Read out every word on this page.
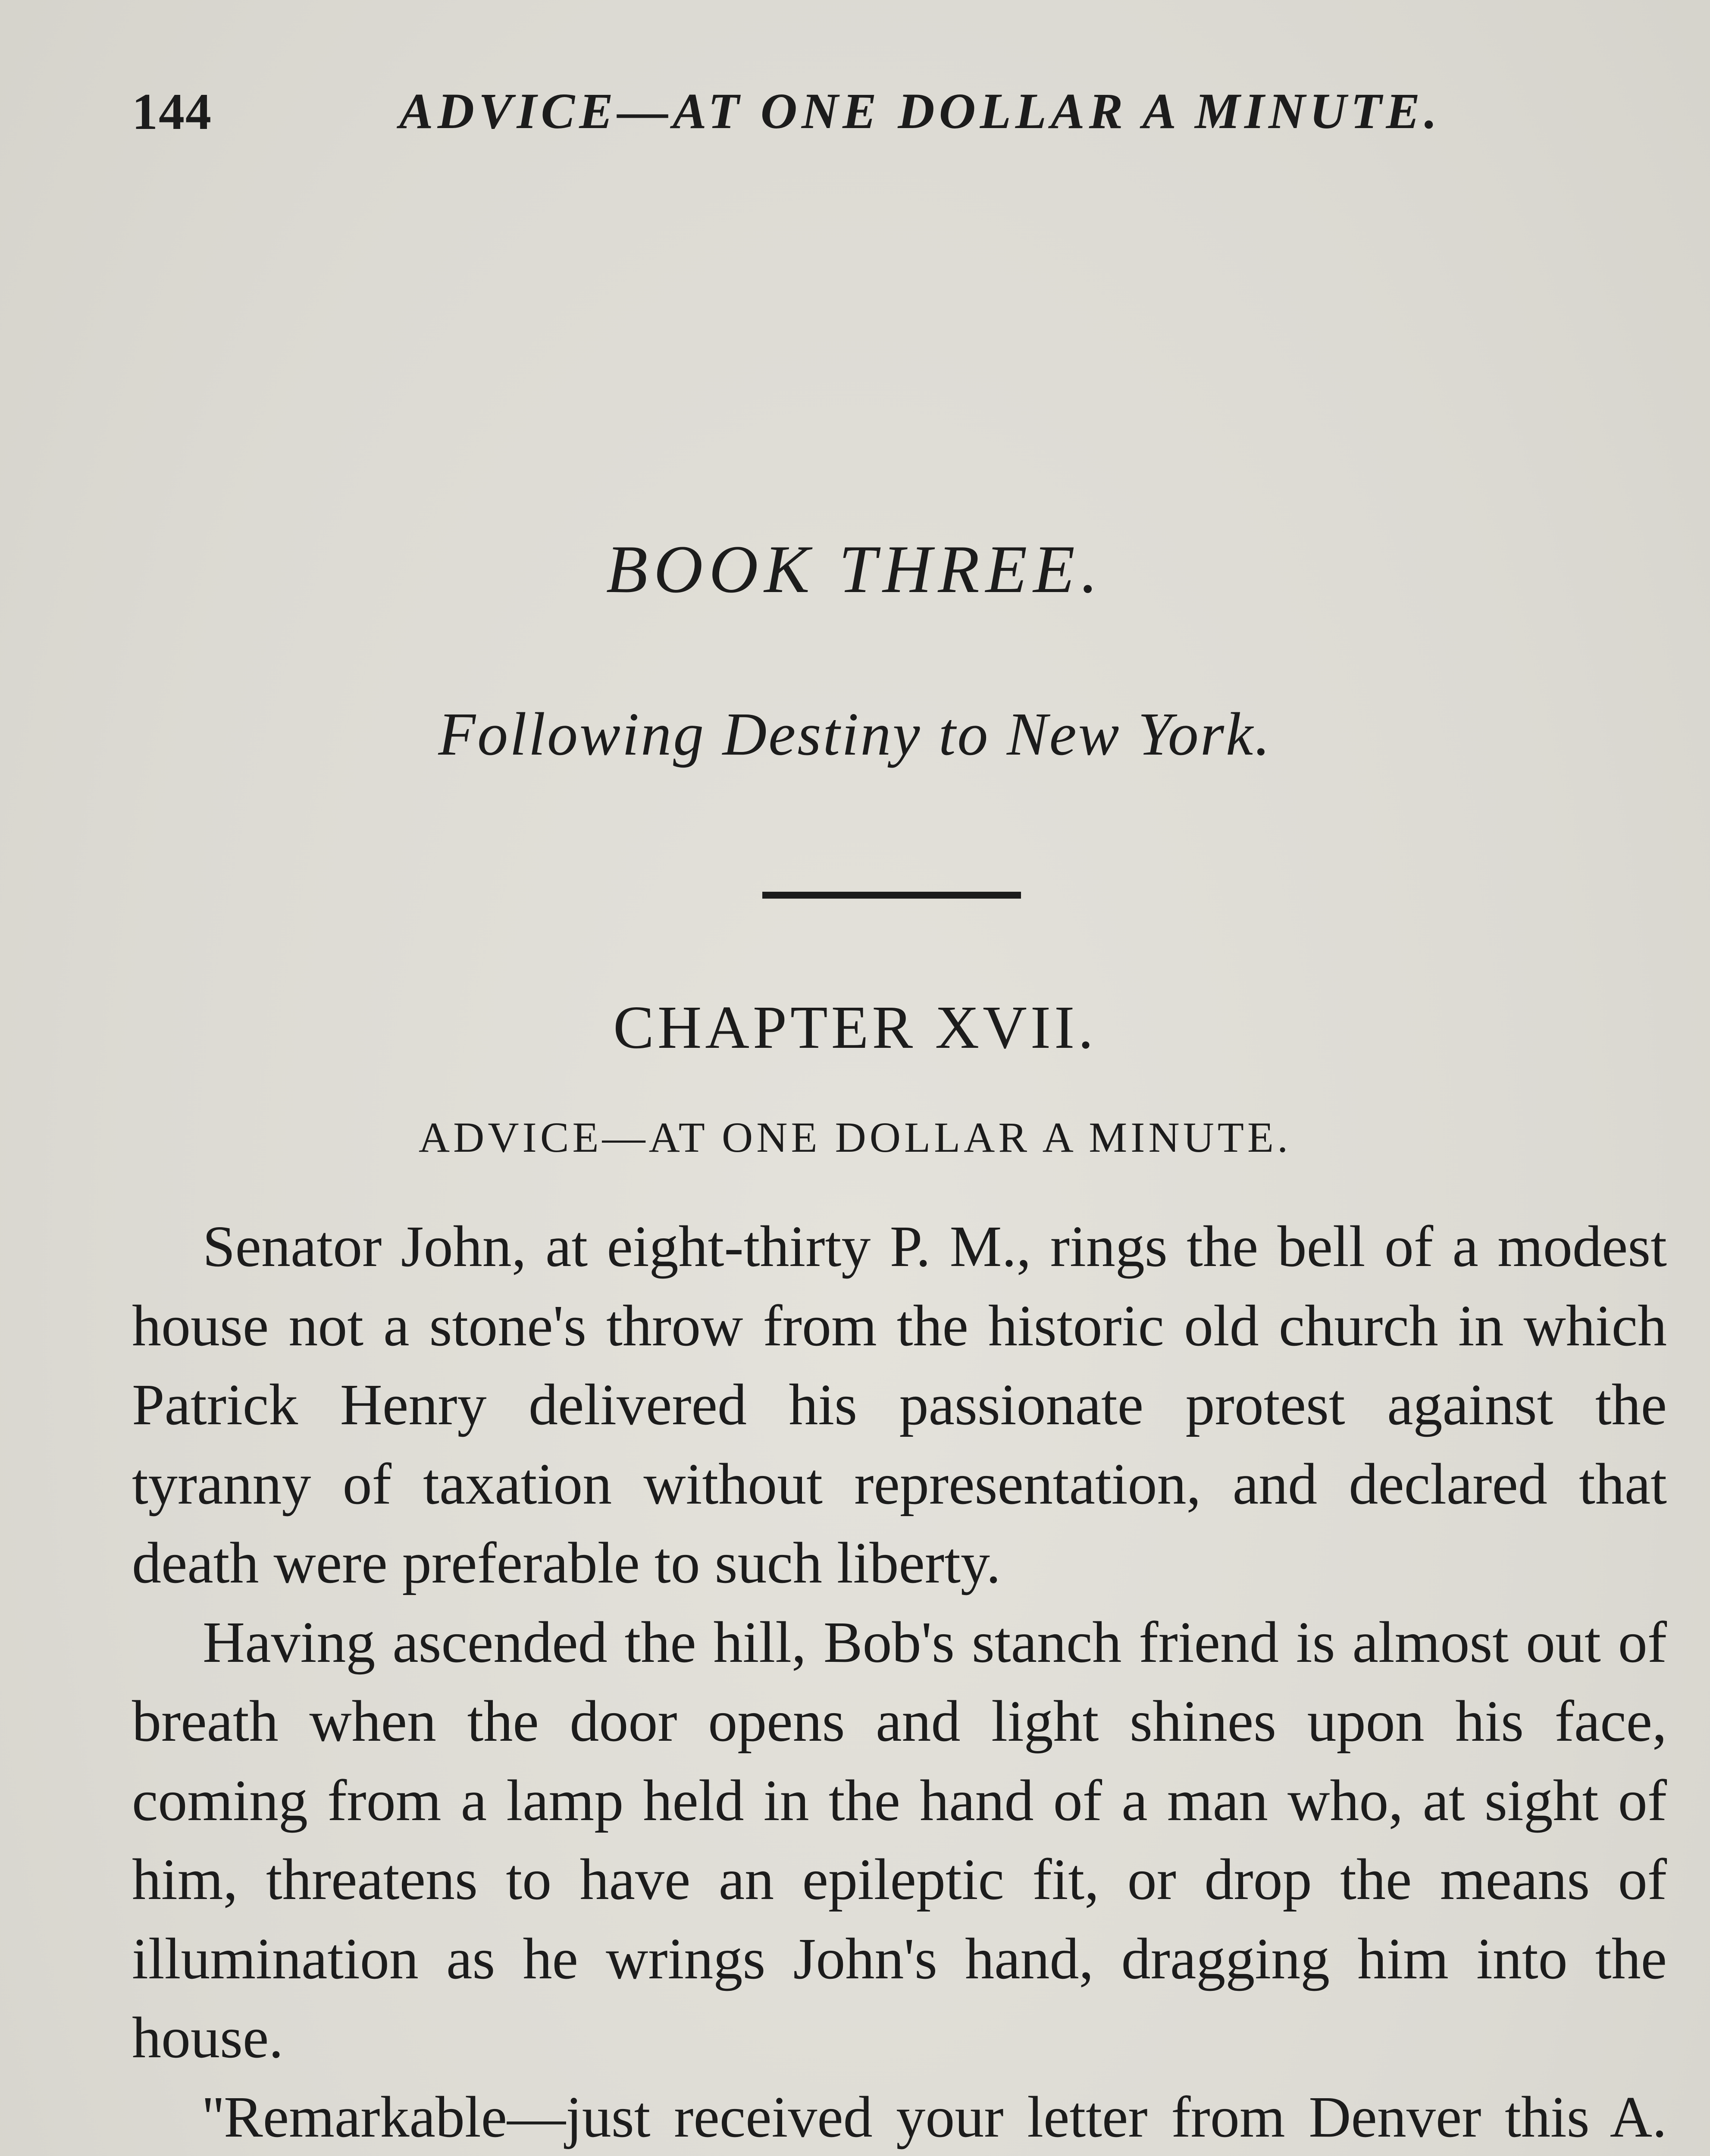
144	ADVICE—AT ONE DOLLAR A MINUTE.
BOOK THREE.
Following Destiny to New York.
CHAPTER XVII.
ADVICE—AT ONE DOLLAR A MINUTE.

Senator John, at eight-thirty P. M., rings the bell of a modest house not a stone's throw from the historic old church in which Patrick Henry delivered his passionate protest against the tyranny of taxation without representation, and declared that death were preferable to such liberty.

Having ascended the hill, Bob's stanch friend is almost out of breath when the door opens and light shines upon his face, coming from a lamp held in the hand of a man who, at sight of him, threatens to have an epileptic fit, or drop the means of illumination as he wrings John's hand, dragging him into the house.

''Remarkable—just received your letter from Denver this A.
